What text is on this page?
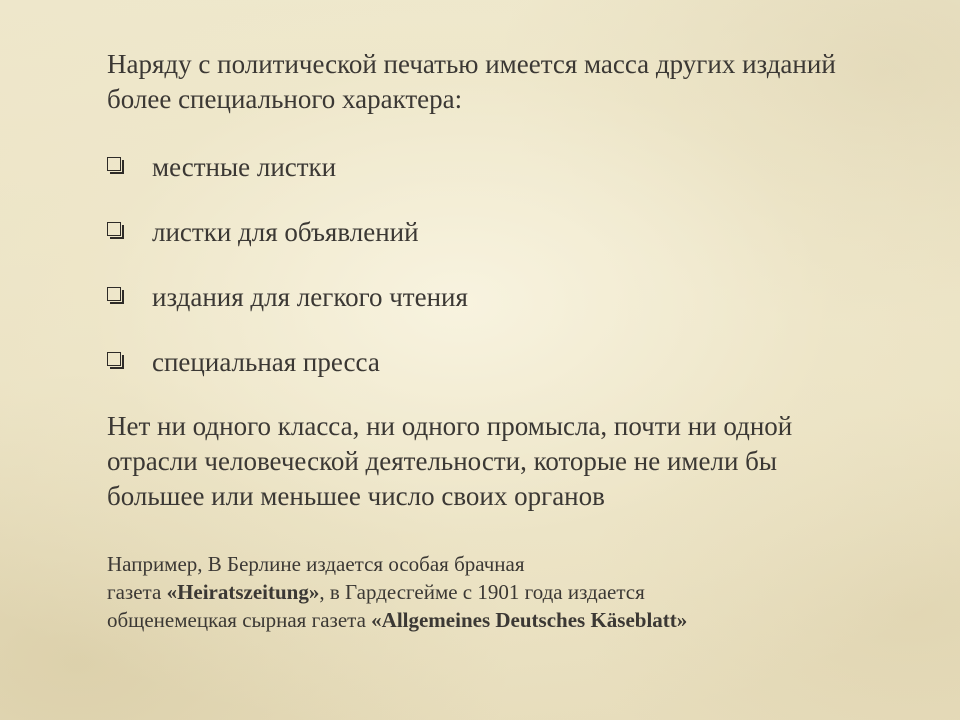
Наряду с политической печатью имеется масса других изданий более специального характера:

местные листки
листки для объявлений
издания для легкого чтения
специальная пресса

Нет ни одного класса, ни одного промысла, почти ни одной отрасли человеческой деятельности, которые не имели бы большее или меньшее число своих органов

Например, В Берлине издается особая брачная
газета «Heiratszeitung», в Гардесгейме с 1901 года издается
общенемецкая сырная газета «Allgemeines Deutsches Käseblatt»
